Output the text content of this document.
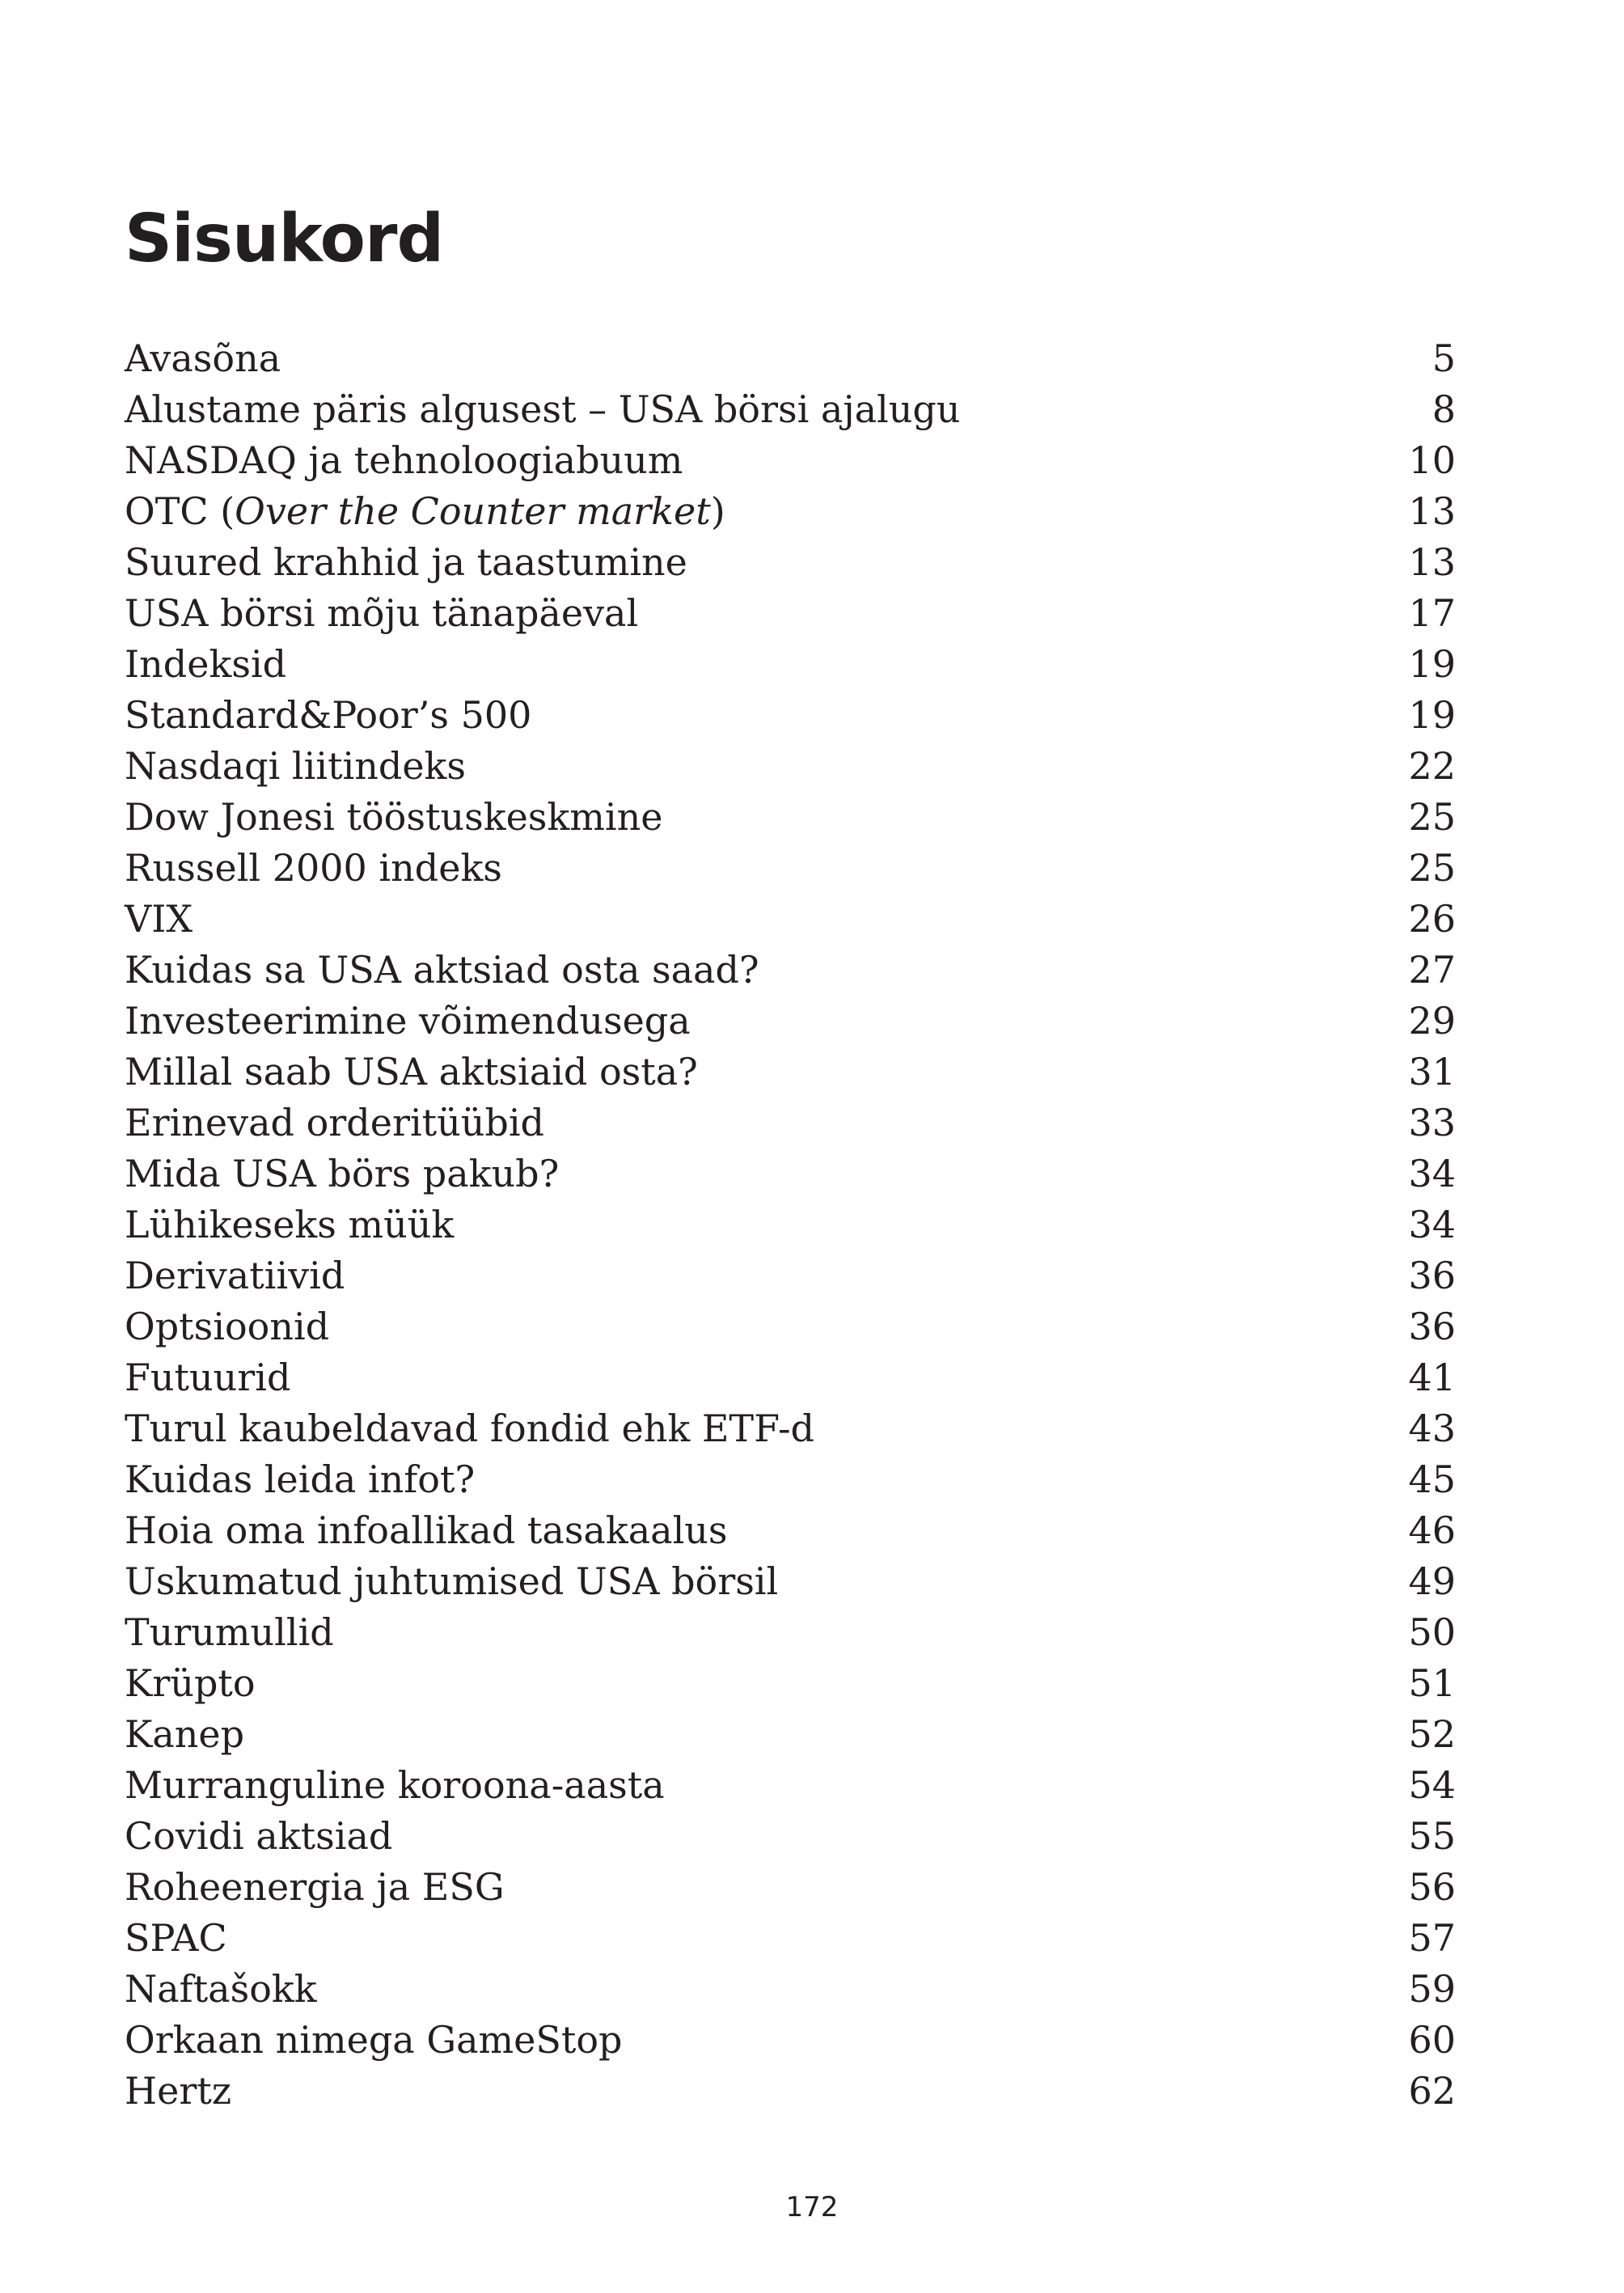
Sisukord
Avasõna	5
Alustame päris algusest – USA börsi ajalugu	8
NASDAQ ja tehnoloogiabuum	10
OTC (Over the Counter market)	13
Suured krahhid ja taastumine	13
USA börsi mõju tänapäeval	17
Indeksid	19
Standard&Poor’s 500	19
Nasdaqi liitindeks	22
Dow Jonesi tööstuskeskmine	25
Russell 2000 indeks	25
VIX	26
Kuidas sa USA aktsiad osta saad?	27
Investeerimine võimendusega	29
Millal saab USA aktsiaid osta?	31
Erinevad orderitüübid	33
Mida USA börs pakub?	34
Lühikeseks müük	34
Derivatiivid	36
Optsioonid	36
Futuurid	41
Turul kaubeldavad fondid ehk ETF-d	43
Kuidas leida infot?	45
Hoia oma infoallikad tasakaalus	46
Uskumatud juhtumised USA börsil	49
Turumullid	50
Krüpto	51
Kanep	52
Murranguline koroona-aasta	54
Covidi aktsiad	55
Roheenergia ja ESG	56
SPAC	57
Naftašokk	59
Orkaan nimega GameStop	60
Hertz	62
172
